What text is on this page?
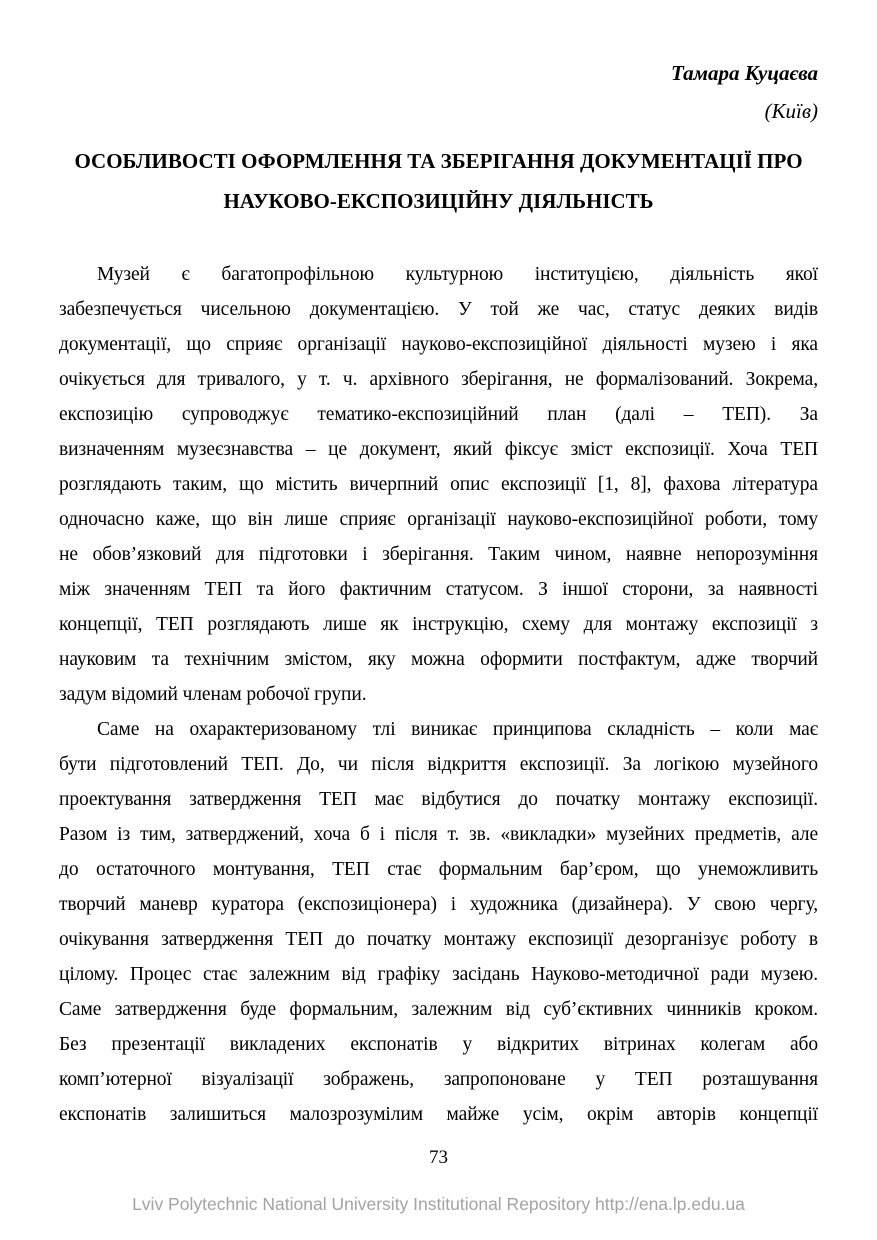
Тамара Куцаєва
(Київ)
ОСОБЛИВОСТІ ОФОРМЛЕННЯ ТА ЗБЕРІГАННЯ ДОКУМЕНТАЦІЇ ПРО
НАУКОВО-ЕКСПОЗИЦІЙНУ ДІЯЛЬНІСТЬ
Музей є багатопрофільною культурною інституцією, діяльність якої
забезпечується чисельною документацією. У той же час, статус деяких видів
документації, що сприяє організації науково-експозиційної діяльності музею і яка
очікується для тривалого, у т. ч. архівного зберігання, не формалізований. Зокрема,
експозицію супроводжує тематико-експозиційний план (далі – ТЕП). За
визначенням музеєзнавства – це документ, який фіксує зміст експозиції. Хоча ТЕП
розглядають таким, що містить вичерпний опис експозиції [1, 8], фахова література
одночасно каже, що він лише сприяє організації науково-експозиційної роботи, тому
не обов’язковий для підготовки і зберігання. Таким чином, наявне непорозуміння
між значенням ТЕП та його фактичним статусом. З іншої сторони, за наявності
концепції, ТЕП розглядають лише як інструкцію, схему для монтажу експозиції з
науковим та технічним змістом, яку можна оформити постфактум, адже творчий
задум відомий членам робочої групи.
Саме на охарактеризованому тлі виникає принципова складність – коли має
бути підготовлений ТЕП. До, чи після відкриття експозиції. За логікою музейного
проектування затвердження ТЕП має відбутися до початку монтажу експозиції.
Разом із тим, затверджений, хоча б і після т. зв. «викладки» музейних предметів, але
до остаточного монтування, ТЕП стає формальним бар’єром, що унеможливить
творчий маневр куратора (експозиціонера) і художника (дизайнера). У свою чергу,
очікування затвердження ТЕП до початку монтажу експозиції дезорганізує роботу в
цілому. Процес стає залежним від графіку засідань Науково-методичної ради музею.
Саме затвердження буде формальним, залежним від суб’єктивних чинників кроком.
Без презентації викладених експонатів у відкритих вітринах колегам або
комп’ютерної візуалізації зображень, запропоноване у ТЕП розташування
експонатів залишиться малозрозумілим майже усім, окрім авторів концепції
73
Lviv Polytechnic National University Institutional Repository http://ena.lp.edu.ua
